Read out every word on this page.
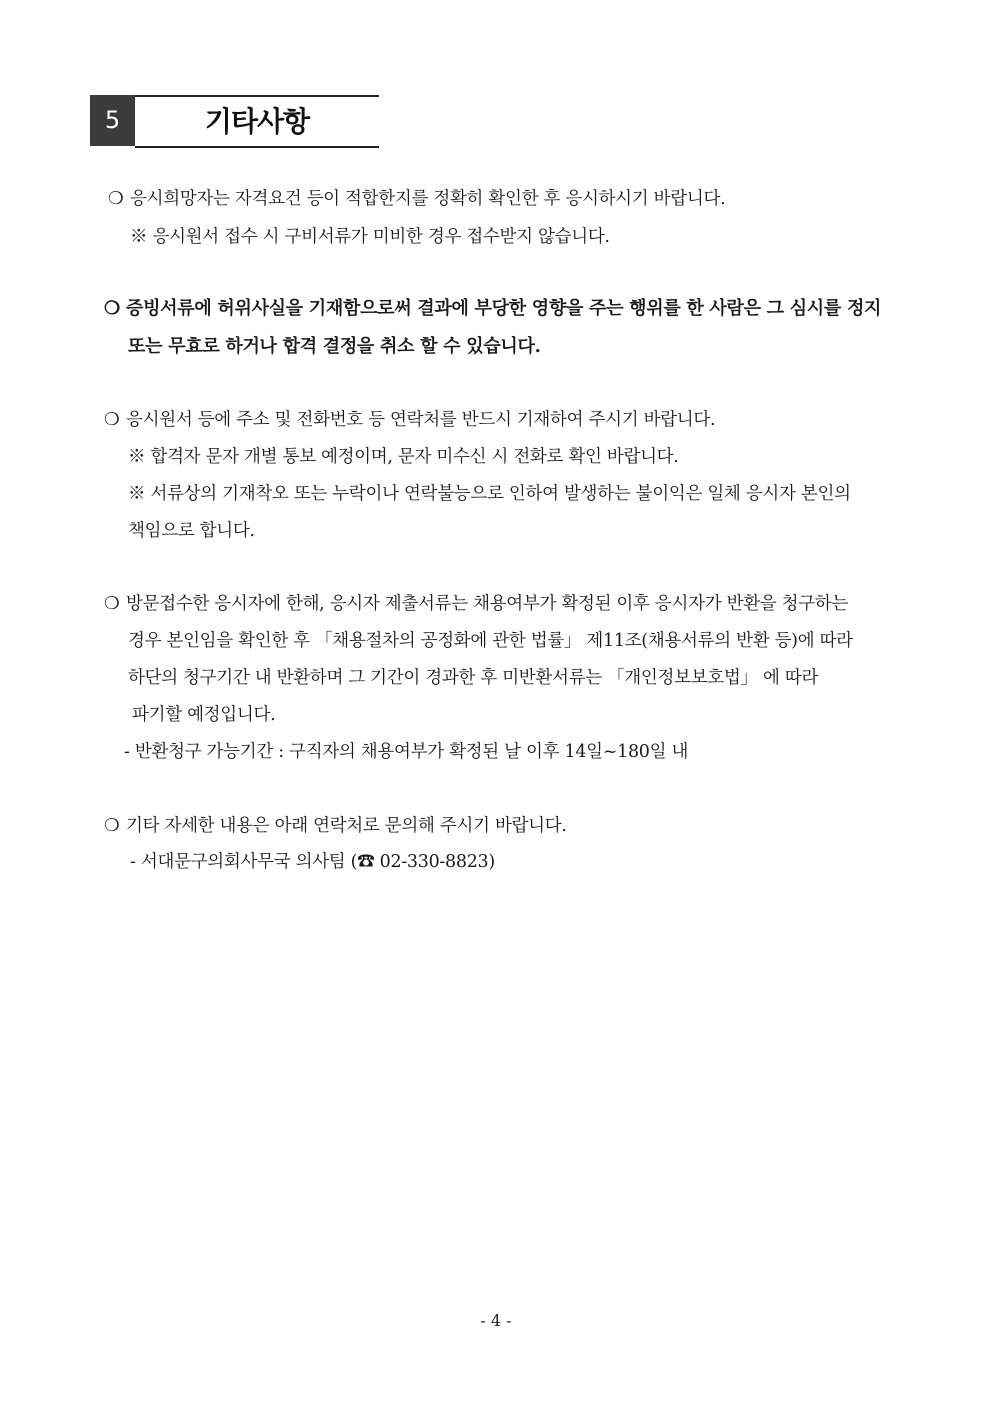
5	기타사항
❍ 응시희망자는 자격요건 등이 적합한지를 정확히 확인한 후 응시하시기 바랍니다.
※ 응시원서 접수 시 구비서류가 미비한 경우 접수받지 않습니다.
❍ 증빙서류에 허위사실을 기재함으로써 결과에 부당한 영향을 주는 행위를 한 사람은 그 심시를 정지
또는 무효로 하거나 합격 결정을 취소 할 수 있습니다.
❍ 응시원서 등에 주소 및 전화번호 등 연락처를 반드시 기재하여 주시기 바랍니다.
※ 합격자 문자 개별 통보 예정이며, 문자 미수신 시 전화로 확인 바랍니다.
※ 서류상의 기재착오 또는 누락이나 연락불능으로 인하여 발생하는 불이익은 일체 응시자 본인의
책임으로 합니다.
❍ 방문접수한 응시자에 한해, 응시자 제출서류는 채용여부가 확정된 이후 응시자가 반환을 청구하는
경우 본인임을 확인한 후 「채용절차의 공정화에 관한 법률」 제11조(채용서류의 반환 등)에 따라
하단의 청구기간 내 반환하며 그 기간이 경과한 후 미반환서류는 「개인정보보호법」 에 따라
파기할 예정입니다.
- 반환청구 가능기간 : 구직자의 채용여부가 확정된 날 이후 14일~180일 내
❍ 기타 자세한 내용은 아래 연락처로 문의해 주시기 바랍니다.
- 서대문구의회사무국 의사팀 (☎ 02-330-8823)
- 4 -
